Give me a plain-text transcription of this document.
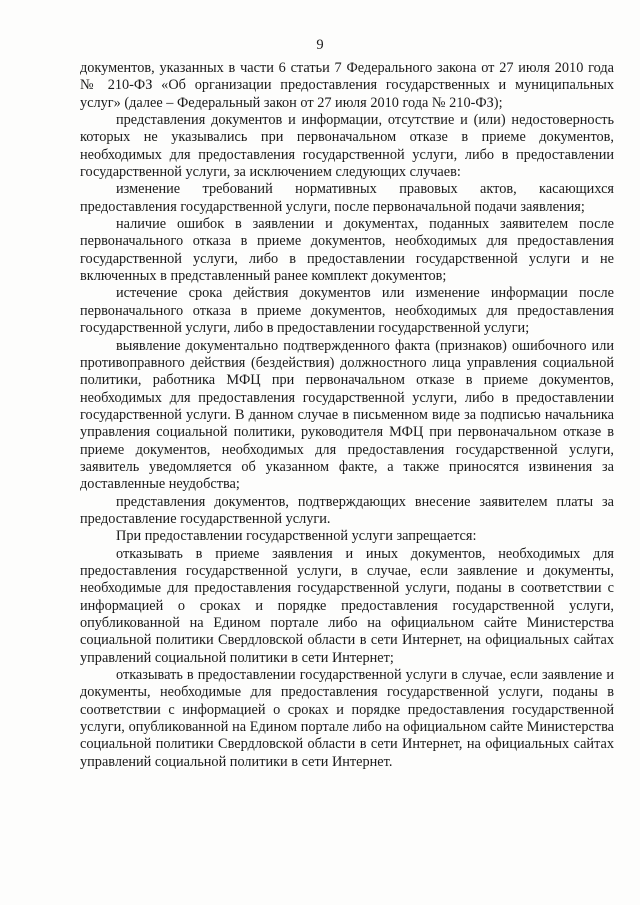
9

документов, указанных в части 6 статьи 7 Федерального закона от 27 июля 2010 года № 210-ФЗ «Об организации предоставления государственных и муниципальных услуг» (далее – Федеральный закон от 27 июля 2010 года № 210-ФЗ);

представления документов и информации, отсутствие и (или) недостоверность которых не указывались при первоначальном отказе в приеме документов, необходимых для предоставления государственной услуги, либо в предоставлении государственной услуги, за исключением следующих случаев:

изменение требований нормативных правовых актов, касающихся предоставления государственной услуги, после первоначальной подачи заявления;

наличие ошибок в заявлении и документах, поданных заявителем после первоначального отказа в приеме документов, необходимых для предоставления государственной услуги, либо в предоставлении государственной услуги и не включенных в представленный ранее комплект документов;

истечение срока действия документов или изменение информации после первоначального отказа в приеме документов, необходимых для предоставления государственной услуги, либо в предоставлении государственной услуги;

выявление документально подтвержденного факта (признаков) ошибочного или противоправного действия (бездействия) должностного лица управления социальной политики, работника МФЦ при первоначальном отказе в приеме документов, необходимых для предоставления государственной услуги, либо в предоставлении государственной услуги. В данном случае в письменном виде за подписью начальника управления социальной политики, руководителя МФЦ при первоначальном отказе в приеме документов, необходимых для предоставления государственной услуги, заявитель уведомляется об указанном факте, а также приносятся извинения за доставленные неудобства;

представления документов, подтверждающих внесение заявителем платы за предоставление государственной услуги.

При предоставлении государственной услуги запрещается:

отказывать в приеме заявления и иных документов, необходимых для предоставления государственной услуги, в случае, если заявление и документы, необходимые для предоставления государственной услуги, поданы в соответствии с информацией о сроках и порядке предоставления государственной услуги, опубликованной на Едином портале либо на официальном сайте Министерства социальной политики Свердловской области в сети Интернет, на официальных сайтах управлений социальной политики в сети Интернет;

отказывать в предоставлении государственной услуги в случае, если заявление и документы, необходимые для предоставления государственной услуги, поданы в соответствии с информацией о сроках и порядке предоставления государственной услуги, опубликованной на Едином портале либо на официальном сайте Министерства социальной политики Свердловской области в сети Интернет, на официальных сайтах управлений социальной политики в сети Интернет.
